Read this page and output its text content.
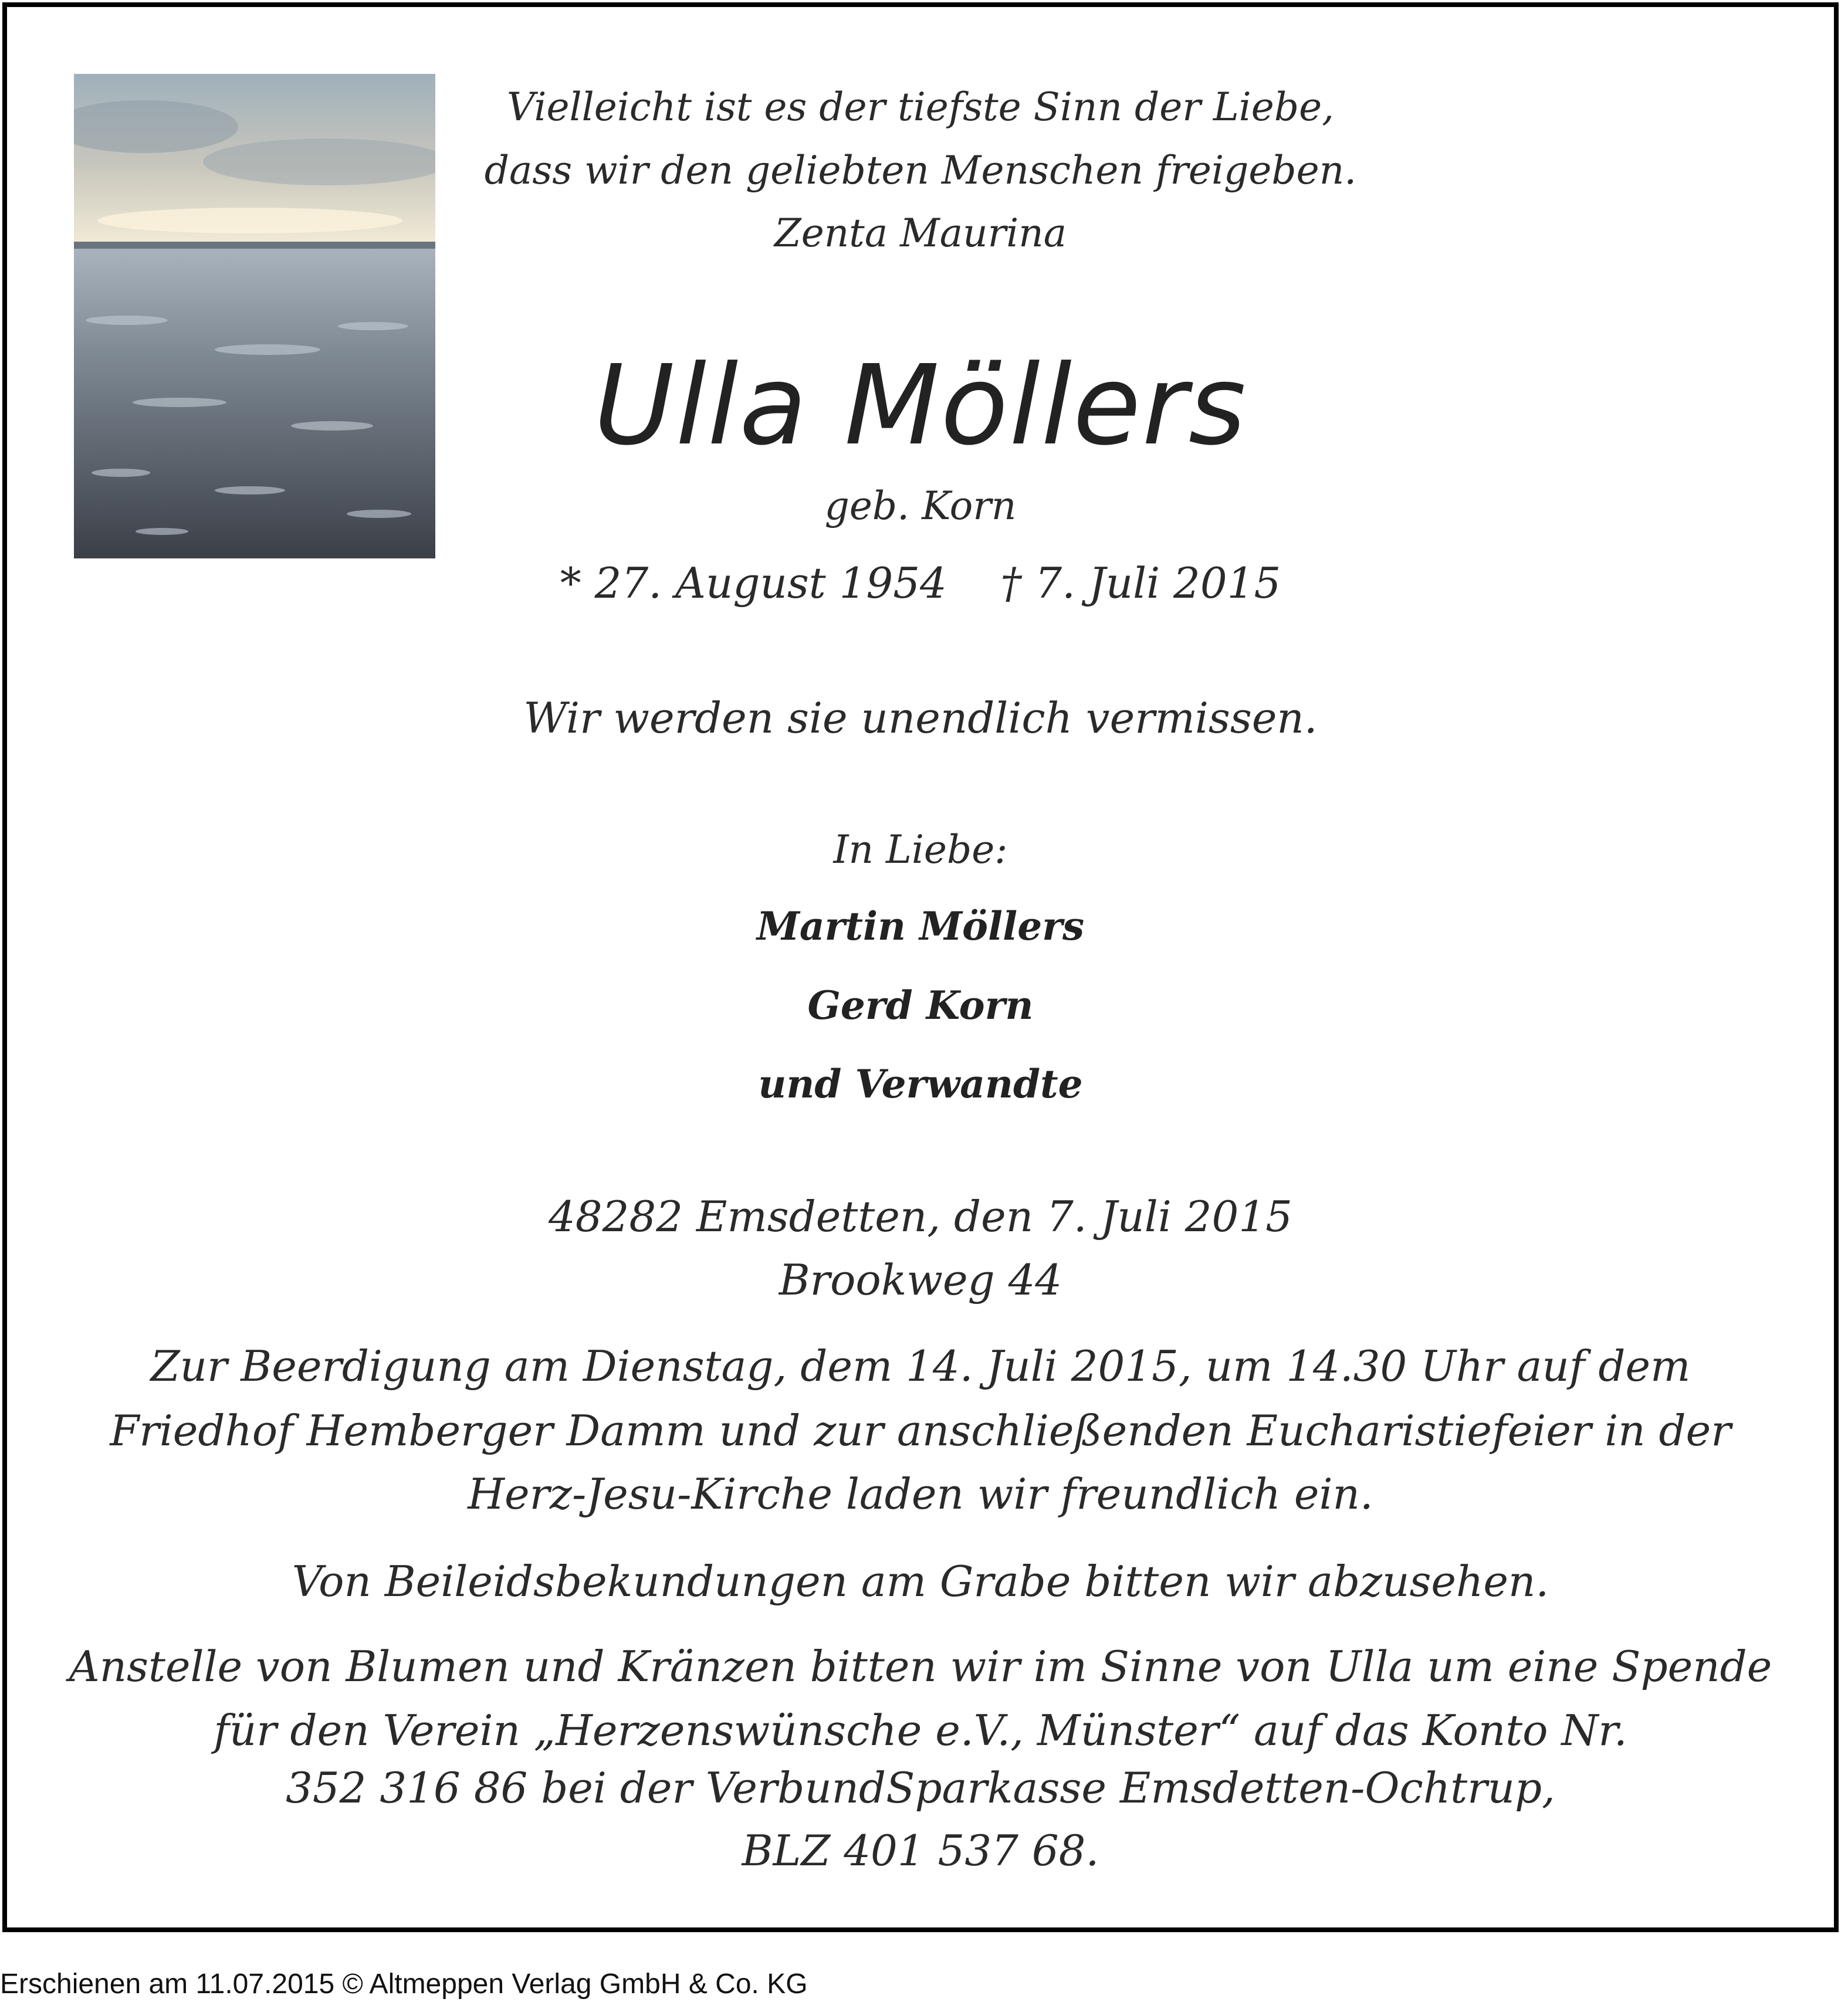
Vielleicht ist es der tiefste Sinn der Liebe,
dass wir den geliebten Menschen freigeben.
Zenta Maurina
Ulla Möllers
geb. Korn
* 27. August 1954    † 7. Juli 2015
Wir werden sie unendlich vermissen.
In Liebe:
Martin Möllers
Gerd Korn
und Verwandte
48282 Emsdetten, den 7. Juli 2015
Brookweg 44
Zur Beerdigung am Dienstag, dem 14. Juli 2015, um 14.30 Uhr auf dem
Friedhof Hemberger Damm und zur anschließenden Eucharistiefeier in der
Herz-Jesu-Kirche laden wir freundlich ein.
Von Beileidsbekundungen am Grabe bitten wir abzusehen.
Anstelle von Blumen und Kränzen bitten wir im Sinne von Ulla um eine Spende
für den Verein „Herzenswünsche e.V., Münster“ auf das Konto Nr.
352 316 86 bei der VerbundSparkasse Emsdetten-Ochtrup,
BLZ 401 537 68.
Erschienen am 11.07.2015 © Altmeppen Verlag GmbH & Co. KG
